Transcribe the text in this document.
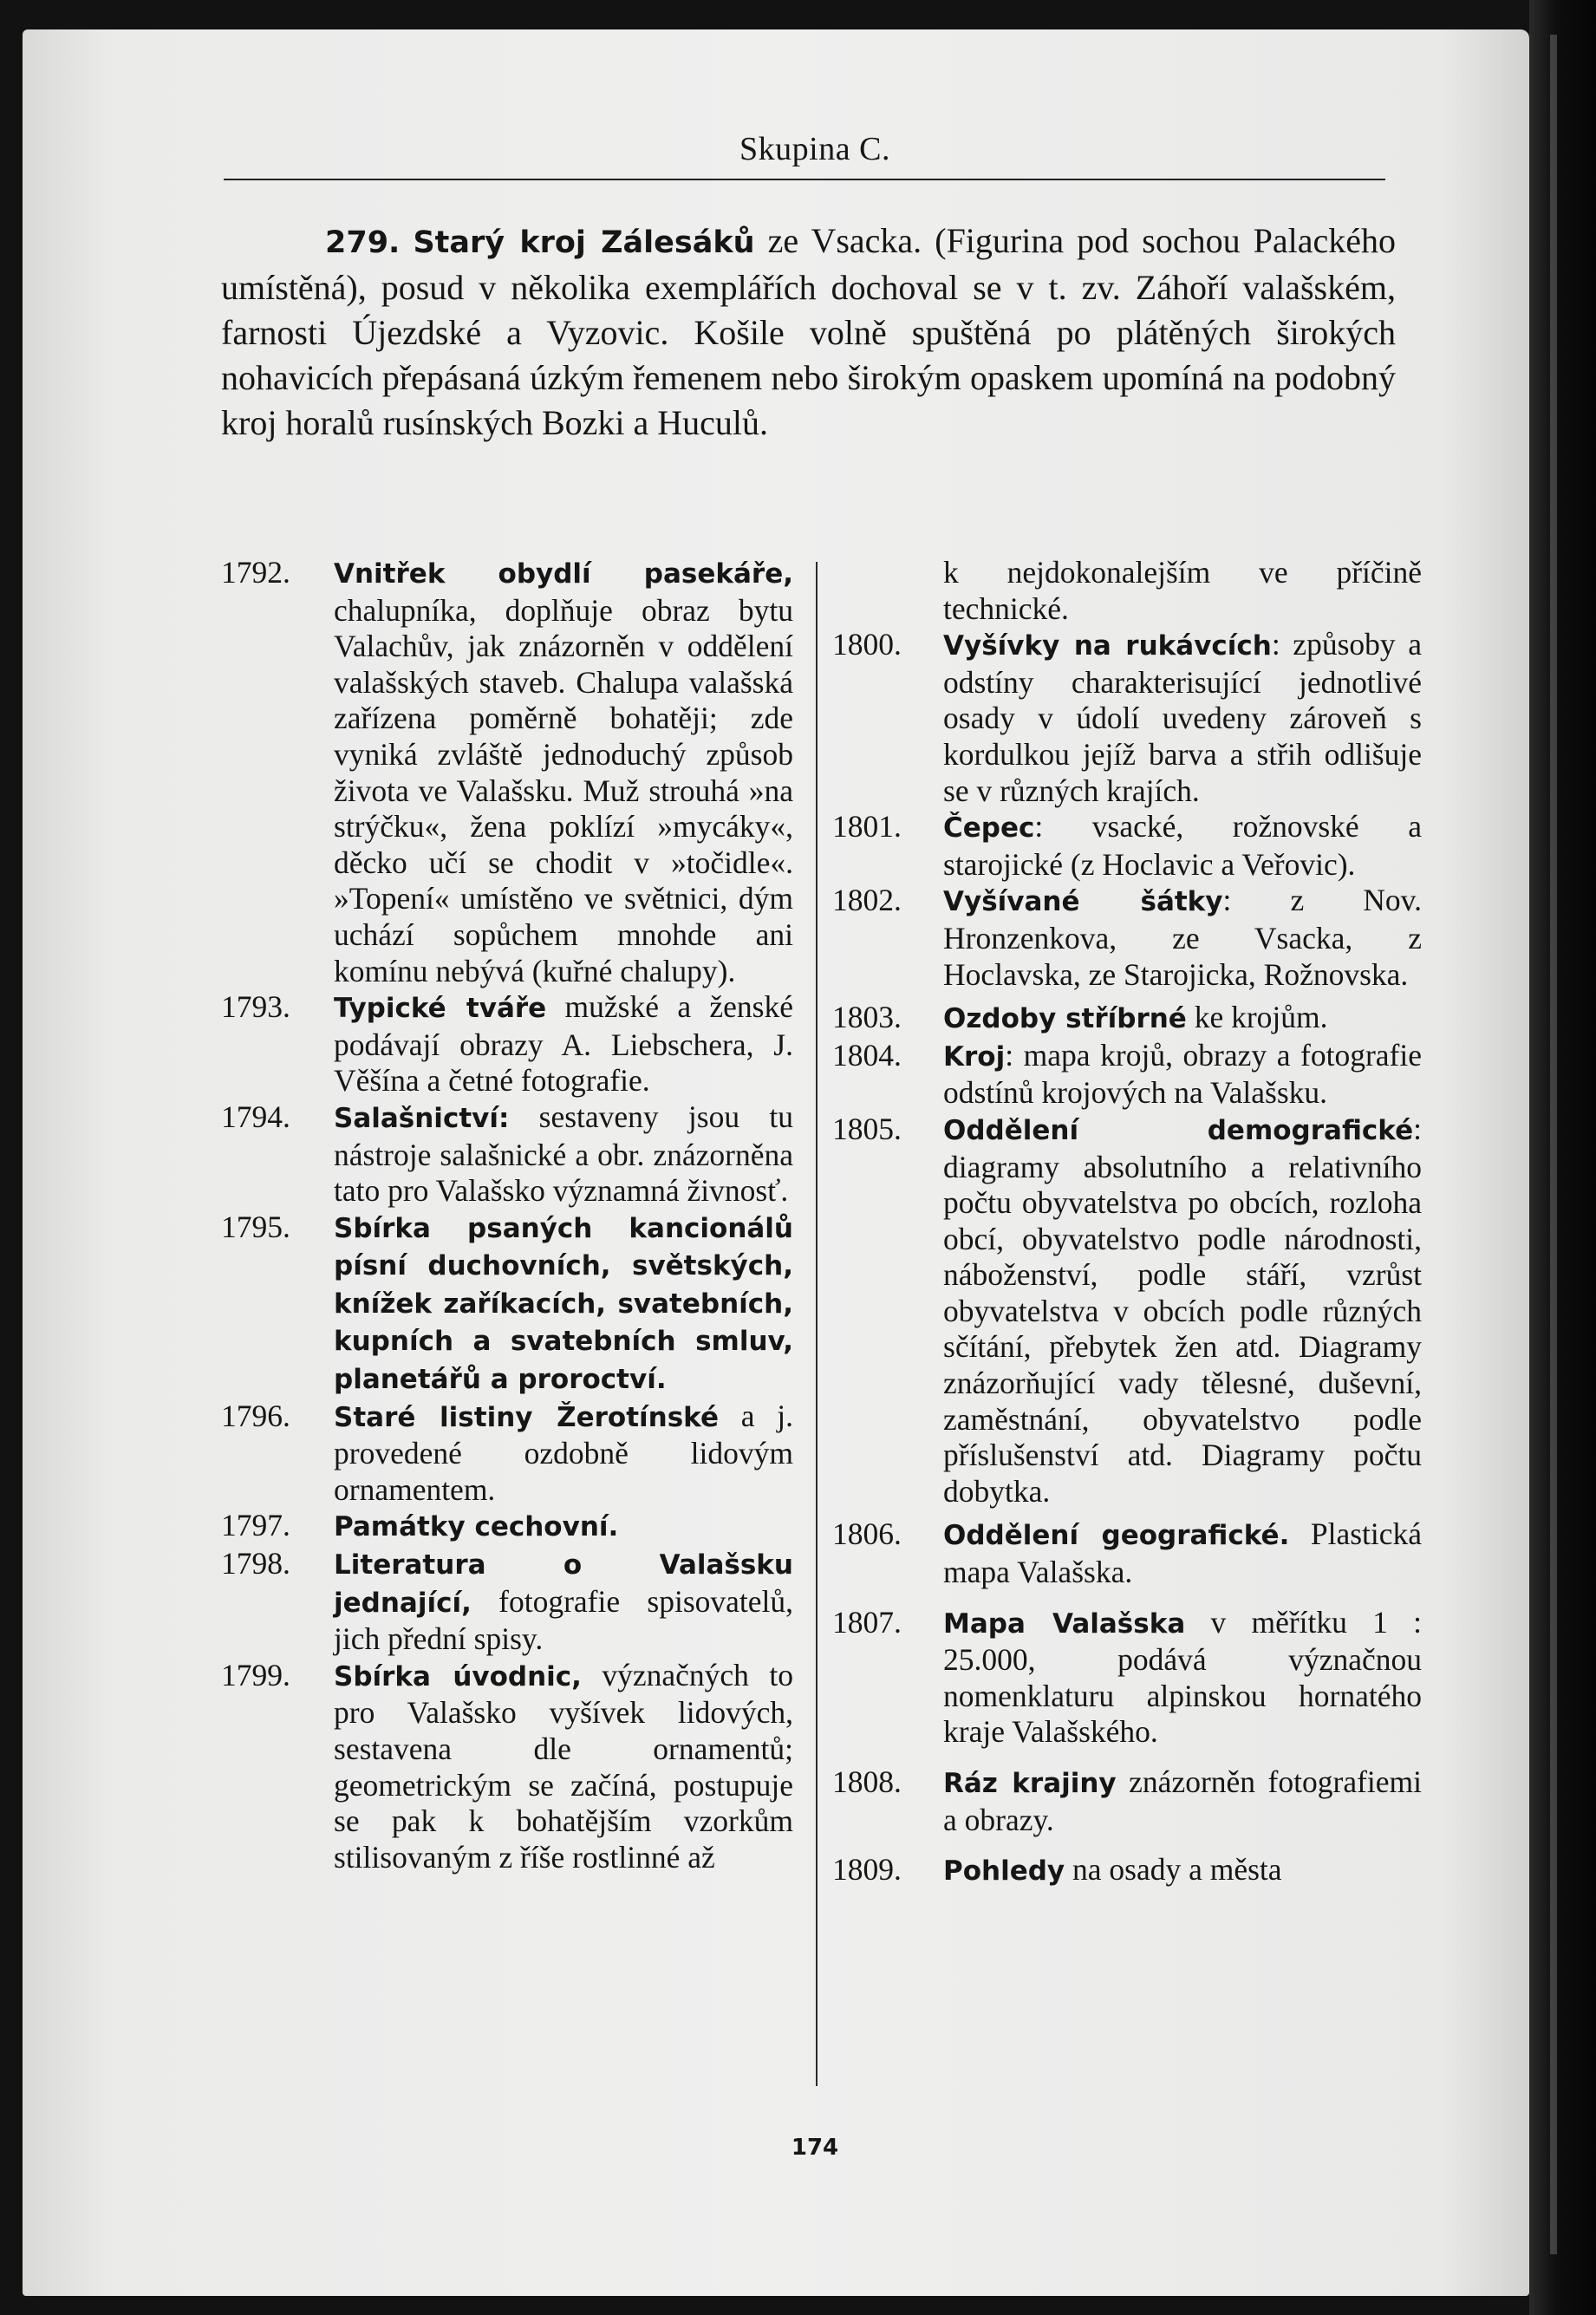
Skupina C.
279. Starý kroj Zálesáků ze Vsacka. (Figurina pod sochou Palackého umístěná), posud v několika exemplářích dochoval se v t. zv. Záhoří valašském, farnosti Újezdské a Vyzovic. Košile volně spuštěná po plátěných širokých nohavicích přepásaná úzkým řemenem nebo širokým opaskem upomíná na podobný kroj horalů rusínských Bozki a Huculů.
1792.	Vnitřek obydlí pasekáře, chalupníka, doplňuje obraz bytu Valachův, jak znázorněn v oddělení valašských staveb. Chalupa valašská zařízena poměrně bohatěji; zde vyniká zvláště jednoduchý způsob života ve Valašsku. Muž strouhá »na strýčku«, žena poklízí »mycáky«, děcko učí se chodit v »točidle«. »Topení« umístěno ve světnici, dým uchází sopůchem mnohde ani komínu nebývá (kuřné chalupy).
1793.	Typické tváře mužské a ženské podávají obrazy A. Liebschera, J. Věšína a četné fotografie.
1794.	Salašnictví: sestaveny jsou tu nástroje salašnické a obr. znázorněna tato pro Valašsko významná živnosť.
1795.	Sbírka psaných kancionálů písní duchovních, světských, knížek zaříkacích, svatebních, kupních a svatebních smluv, planetářů a proroctví.
1796.	Staré listiny Žerotínské a j. provedené ozdobně lidovým ornamentem.
1797.	Památky cechovní.
1798.	Literatura o Valašsku jednající, fotografie spisovatelů, jich přední spisy.
1799.	Sbírka úvodnic, význačných to pro Valašsko vyšívek lidových, sestavena dle ornamentů; geometrickým se začíná, postupuje se pak k bohatějším vzorkům stilisovaným z říše rostlinné až
k nejdokonalejším ve příčině technické.
1800.	Vyšívky na rukávcích: způsoby a odstíny charakterisující jednotlivé osady v údolí uvedeny zároveň s kordulkou jejíž barva a střih odlišuje se v různých krajích.
1801.	Čepec: vsacké, rožnovské a starojické (z Hoclavic a Veřovic).
1802.	Vyšívané šátky: z Nov. Hronzenkova, ze Vsacka, z Hoclavska, ze Starojicka, Rožnovska.
1803.	Ozdoby stříbrné ke krojům.
1804.	Kroj: mapa krojů, obrazy a fotografie odstínů krojových na Valašsku.
1805.	Oddělení demografické: diagramy absolutního a relativního počtu obyvatelstva po obcích, rozloha obcí, obyvatelstvo podle národnosti, náboženství, podle stáří, vzrůst obyvatelstva v obcích podle různých sčítání, přebytek žen atd. Diagramy znázorňující vady tělesné, duševní, zaměstnání, obyvatelstvo podle příslušenství atd. Diagramy počtu dobytka.
1806.	Oddělení geografické. Plastická mapa Valašska.
1807.	Mapa Valašska v měřítku 1 : 25.000, podává význačnou nomenklaturu alpinskou hornatého kraje Valašského.
1808.	Ráz krajiny znázorněn fotografiemi a obrazy.
1809.	Pohledy na osady a města
174
